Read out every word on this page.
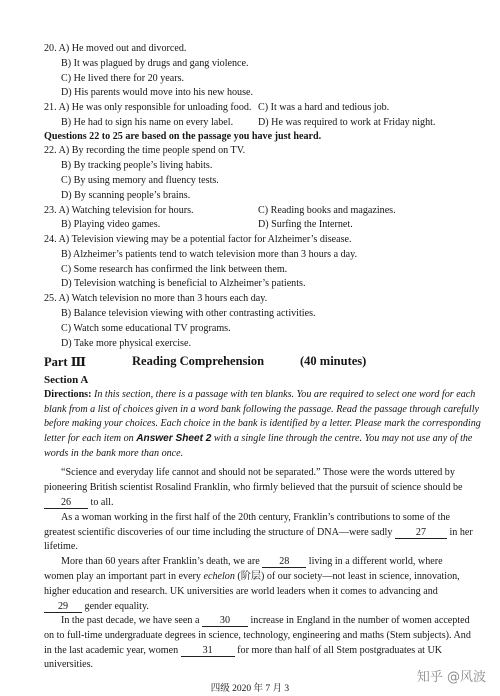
20. A) He moved out and divorced.
B) It was plagued by drugs and gang violence.
C) He lived there for 20 years.
D) His parents would move into his new house.
21. A) He was only responsible for unloading food. C) It was a hard and tedious job.
B) He had to sign his name on every label. D) He was required to work at Friday night.
Questions 22 to 25 are based on the passage you have just heard.
22. A) By recording the time people spend on TV.
B) By tracking people’s living habits.
C) By using memory and fluency tests.
D) By scanning people’s brains.
23. A) Watching television for hours.	C) Reading books and magazines.
B) Playing video games.	D) Surfing the Internet.
24. A) Television viewing may be a potential factor for Alzheimer’s disease.
B) Alzheimer’s patients tend to watch television more than 3 hours a day.
C) Some research has confirmed the link between them.
D) Television watching is beneficial to Alzheimer’s patients.
25. A) Watch television no more than 3 hours each day.
B) Balance television viewing with other contrasting activities.
C) Watch some educational TV programs.
D) Take more physical exercise.
Part Ⅲ	Reading Comprehension	(40 minutes)
Section A
Directions: In this section, there is a passage with ten blanks. You are required to select one word for each
blank from a list of choices given in a word bank following the passage. Read the passage through carefully
before making your choices. Each choice in the bank is identified by a letter. Please mark the corresponding
letter for each item on Answer Sheet 2 with a single line through the centre. You may not use any of the
words in the bank more than once.
“Science and everyday life cannot and should not be separated.” Those were the words uttered by
pioneering British scientist Rosalind Franklin, who firmly believed that the pursuit of science should be
26 to all.
As a woman working in the first half of the 20th century, Franklin’s contributions to some of the
greatest scientific discoveries of our time including the structure of DNA—were sadly 27 in her
lifetime.
More than 60 years after Franklin’s death, we are 28 living in a different world, where
women play an important part in every echelon (阶层) of our society—not least in science, innovation,
higher education and research. UK universities are world leaders when it comes to advancing and
29 gender equality.
In the past decade, we have seen a 30 increase in England in the number of women accepted
on to full-time undergraduate degrees in science, technology, engineering and maths (Stem subjects). And
in the last academic year, women 31 for more than half of all Stem postgraduates at UK
universities.
四级 2020 年 7 月 3
知乎 @风波
